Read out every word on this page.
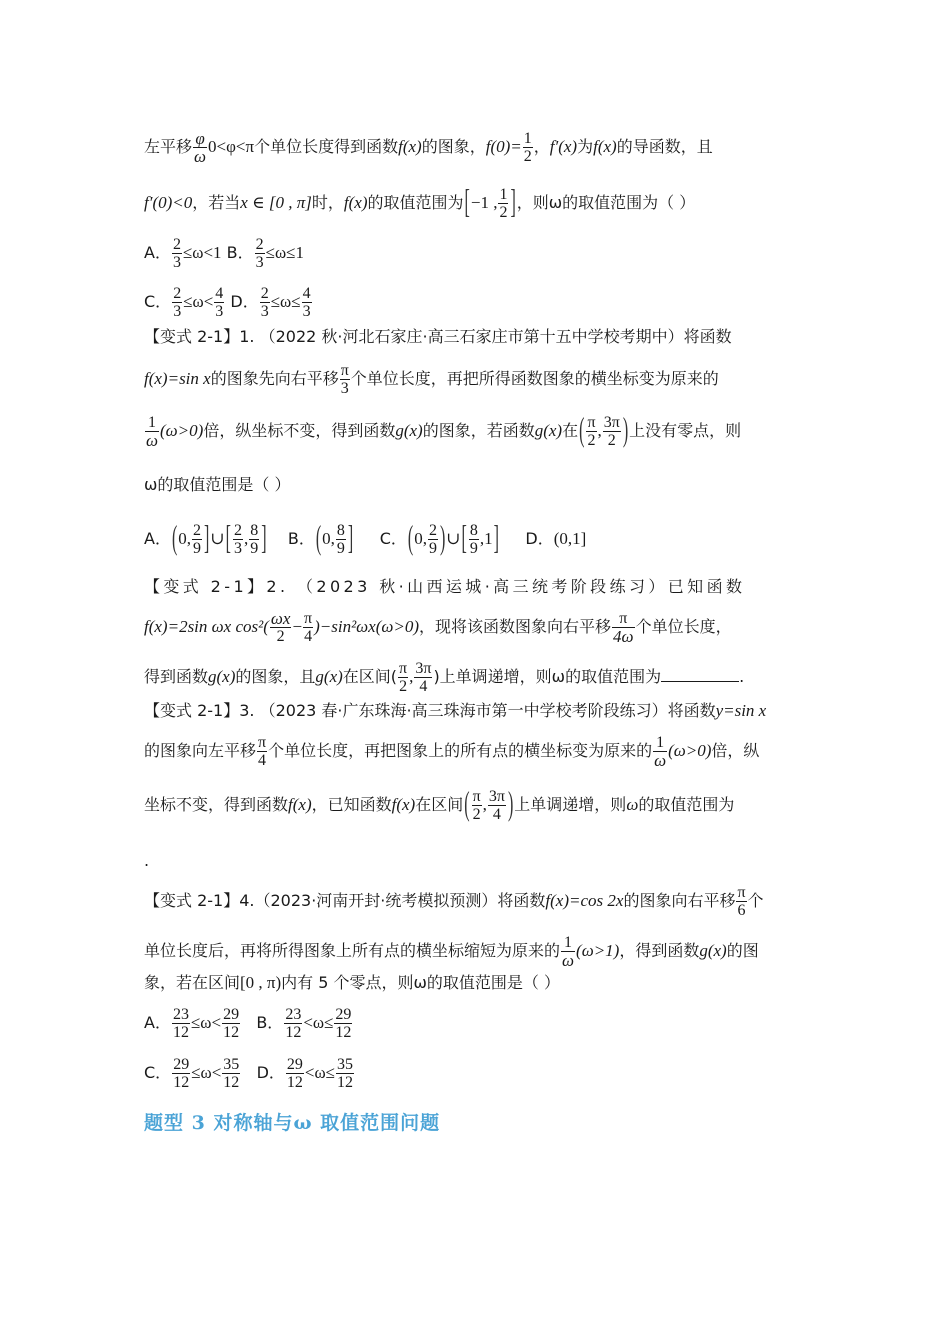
左平移 $\frac{\varphi}{\omega} 0<\varphi<\pi$个单位长度得到函数f(x)的图象，$f(0)= \frac{1}{2}$ ，f′(x)为f(x)的导函数，且
f′(0)<0，若当x ∈ [0 , π]时，f(x)的取值范围为[−1 , $\frac{1}{2}$ ]，则ω的取值范围为（ ）
A． $\frac{2}{3} \le\omega<1$ B． $\frac{2}{3} \le\omega\le 1$
C． $\frac{2}{3} \le\omega< \frac{4}{3}$ D． $\frac{2}{3} \le\omega\le \frac{4}{3}$
【变式 2-1】1. （2022 秋·河北石家庄·高三石家庄市第十五中学校考期中）将函数
f(x)=sin x的图象先向右平移 $\frac{\pi}{3}$ 个单位长度，再把所得函数图象的横坐标变为原来的
$\frac{1}{\omega} (\omega>0)$倍，纵坐标不变，得到函数g(x)的图象，若函数g(x)在( $\frac{\pi}{2}$ , $\frac{3\pi}{2}$ )上没有零点，则
ω的取值范围是（ ）
A．(0, $\frac{2}{9}$ ]∪[ $\frac{2}{3}$ , $\frac{8}{9}$ ] B．(0, $\frac{8}{9}$ ] C．(0, $\frac{2}{9}$ )∪[ $\frac{8}{9} ,1$] D．(0,1]
【变式 2-1】2. （2023 秋·山西运城·高三统考阶段练习）已知函数
f(x)=2sin ωx $\cos^2( \frac{\omega x}{2} - \frac{\pi}{4} )-\sin^2\omega x(\omega>0)$，现将该函数图象向右平移 $\frac{\pi}{4\omega}$ 个单位长度，
得到函数g(x)的图象，且g(x)在区间( $\frac{\pi}{2}$ , $\frac{3\pi}{4}$ )上单调递增，则ω的取值范围为	.
【变式 2-1】3. （2023 春·广东珠海·高三珠海市第一中学校考阶段练习）将函数y=sin x
的图象向左平移 $\frac{\pi}{4}$ 个单位长度，再把图象上的所有点的横坐标变为原来的 $\frac{1}{\omega} (\omega>0)$倍，纵
坐标不变，得到函数f(x)，已知函数f(x)在区间( $\frac{\pi}{2}$ , $\frac{3\pi}{4}$ )上单调递增，则ω的取值范围为
.
【变式 2-1】4.（2023·河南开封·统考模拟预测）将函数f(x)=cos 2x的图象向右平移 $\frac{\pi}{6}$ 个
单位长度后，再将所得图象上所有点的横坐标缩短为原来的 $\frac{1}{\omega} (\omega>1)$，得到函数g(x)的图
象，若在区间[0 , π)内有 5 个零点，则ω的取值范围是（ ）
A． $\frac{23}{12} \le\omega< \frac{29}{12}$ B． $\frac{23}{12} <\omega\le \frac{29}{12}$
C． $\frac{29}{12} \le\omega< \frac{35}{12}$ D． $\frac{29}{12} <\omega\le \frac{35}{12}$
题型 3 对称轴与ω 取值范围问题
